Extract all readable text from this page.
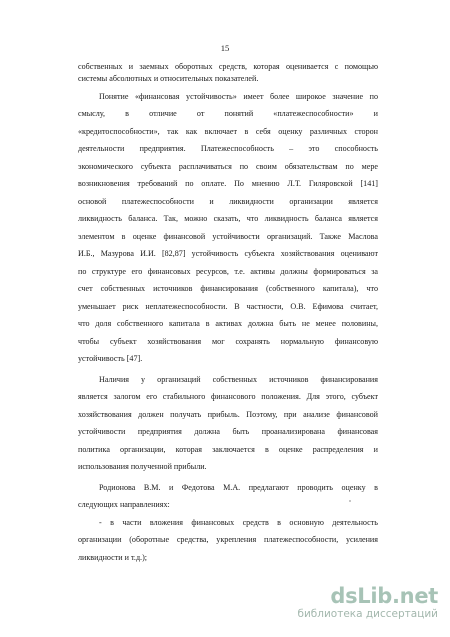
15
собственных и заемных оборотных средств, которая оценивается с помощью
системы абсолютных и относительных показателей.
Понятие «финансовая устойчивость» имеет более широкое значение по
смыслу, в отличие от понятий «платежеспособности» и
«кредитоспособности», так как включает в себя оценку различных сторон
деятельности предприятия. Платежеспособность – это способность
экономического субъекта расплачиваться по своим обязательствам по мере
возникновения требований по оплате. По мнению Л.Т. Гиляровской [141]
основой платежеспособности и ликвидности организации является
ликвидность баланса. Так, можно сказать, что ликвидность баланса является
элементом в оценке финансовой устойчивости организаций. Также Маслова
И.Б., Мазурова И.И. [82,87] устойчивость субъекта хозяйствования оценивают
по структуре его финансовых ресурсов, т.е. активы должны формироваться за
счет собственных источников финансирования (собственного капитала), что
уменьшает риск неплатежеспособности. В частности, О.В. Ефимова считает,
что доля собственного капитала в активах должна быть не менее половины,
чтобы субъект хозяйствования мог сохранять нормальную финансовую
устойчивость [47].
Наличия у организаций собственных источников финансирования
является залогом его стабильного финансового положения. Для этого, субъект
хозяйствования должен получать прибыль. Поэтому, при анализе финансовой
устойчивости предприятия должна быть проанализирована финансовая
политика организации, которая заключается в оценке распределения и
использования полученной прибыли.
Родионова В.М. и Федотова М.А. предлагают проводить оценку в
следующих направлениях:
- в части вложения финансовых средств в основную деятельность
организации (оборотные средства, укрепления платежеспособности, усиления
ликвидности и т.д.);
dsLib.net
библиотека диссертаций
